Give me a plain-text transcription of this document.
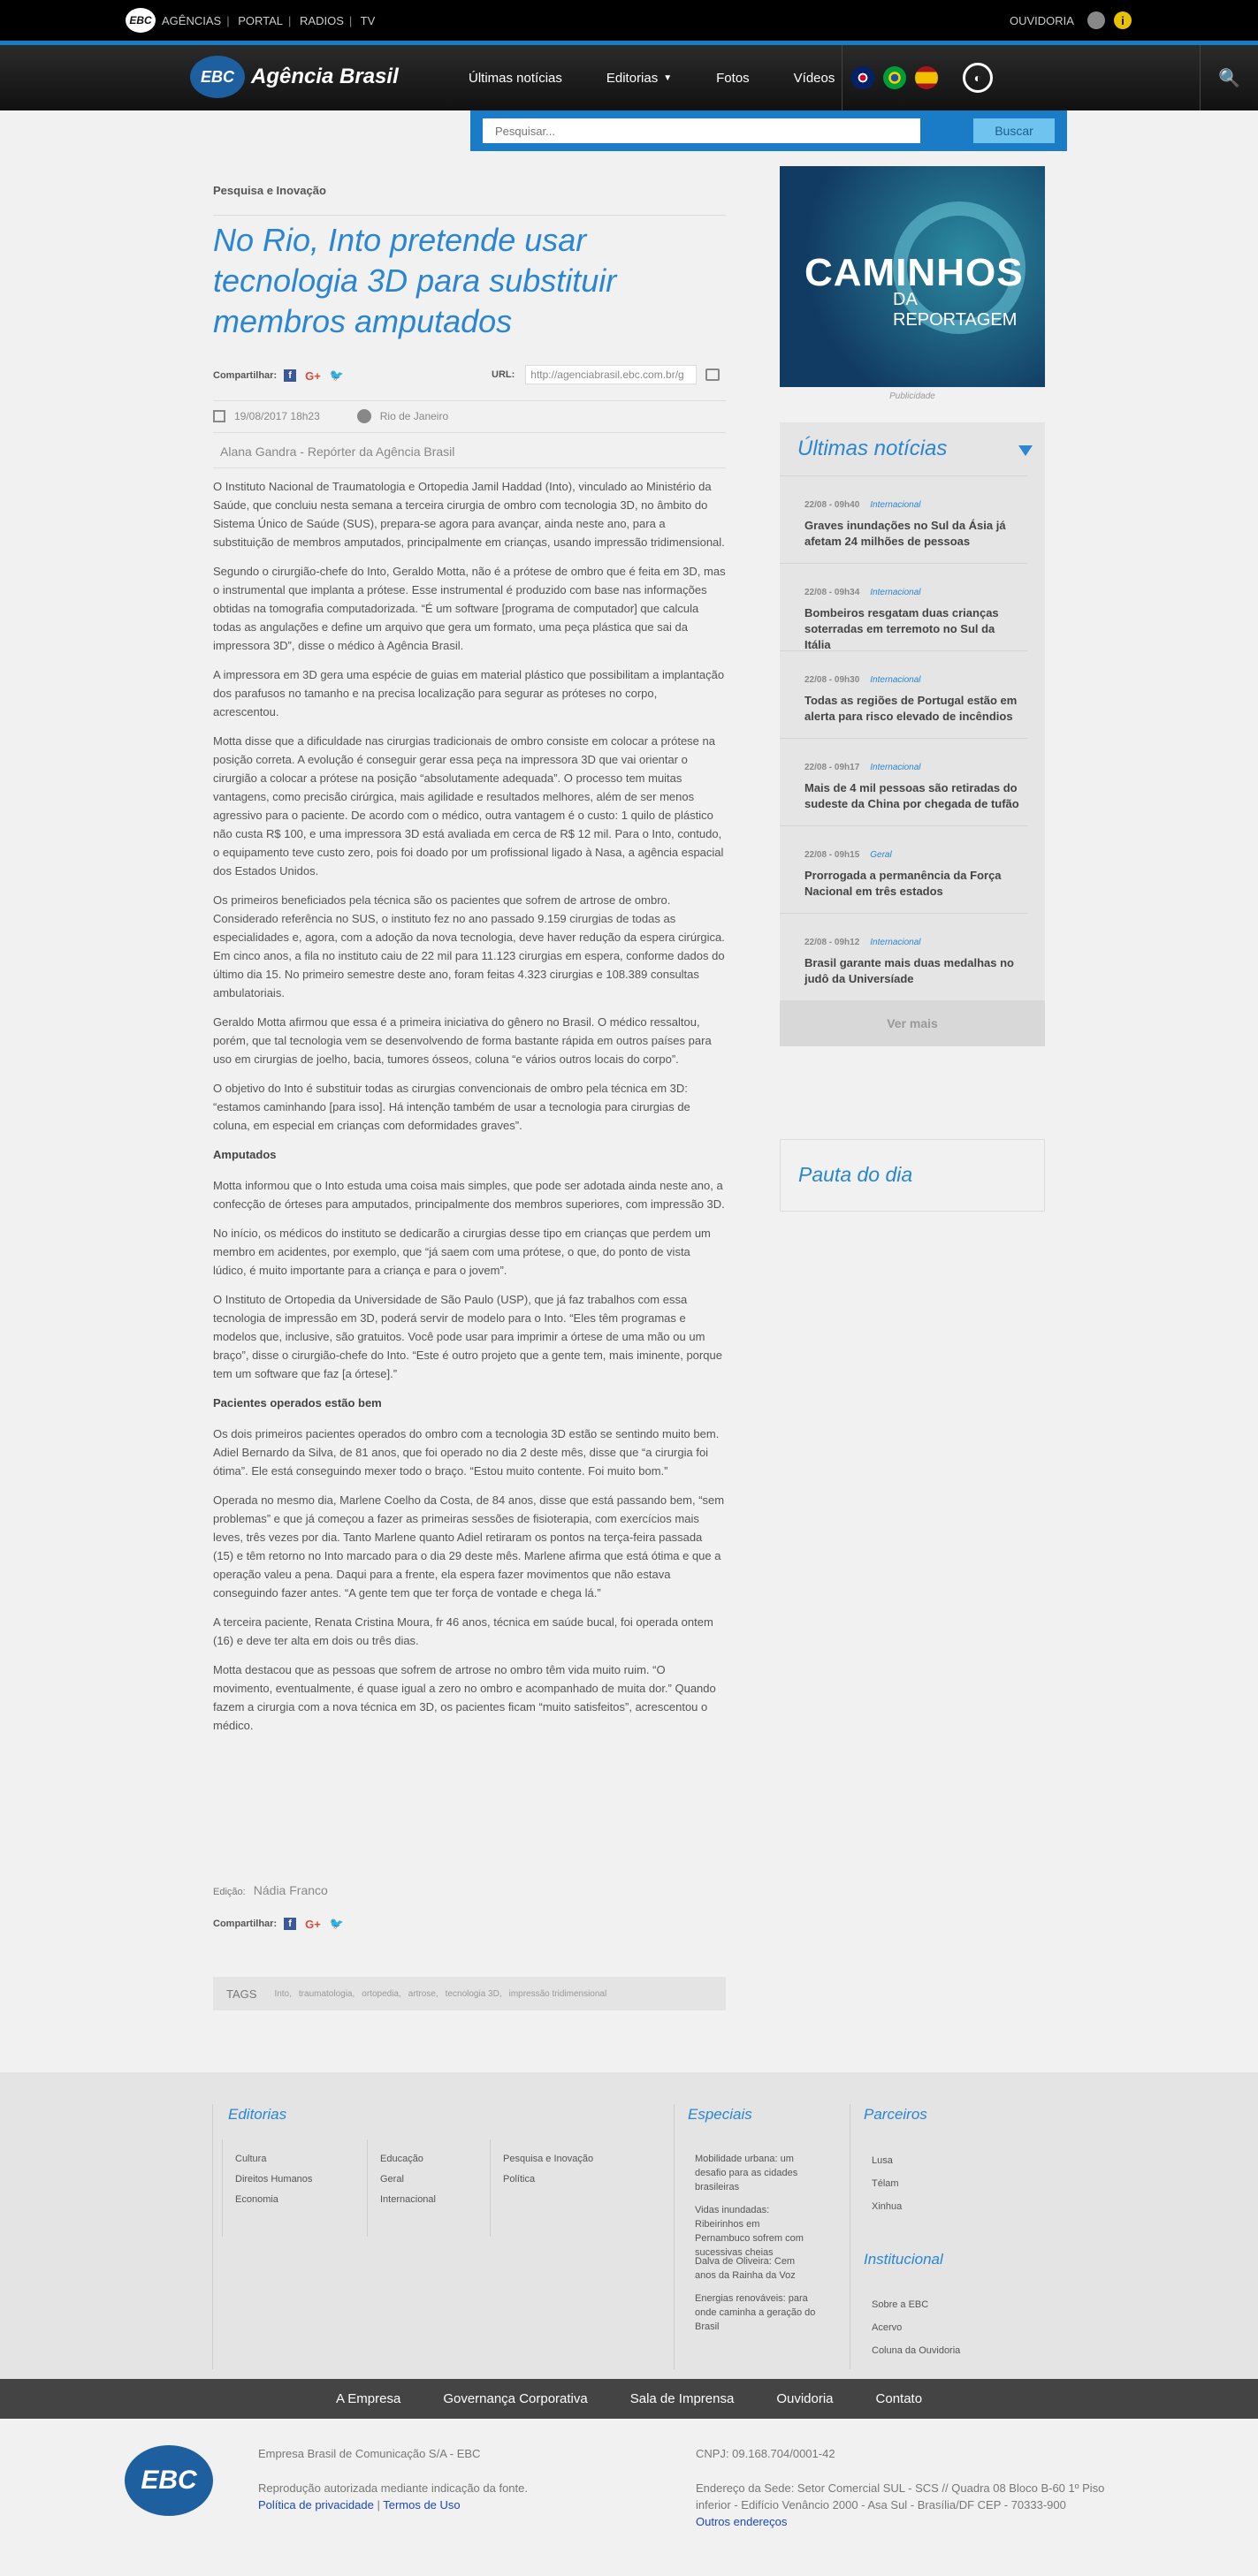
EBC AGÊNCIAS | PORTAL | RADIOS | TV	OUVIDORIA	i
EBC Agência Brasil	Últimas notícias	Editorias ▼	Fotos	Vídeos	◐	🔍
Pesquisar...
Buscar
Pesquisa e Inovação
No Rio, Into pretende usar tecnologia 3D para substituir membros amputados
Compartilhar:	f	G+ 🐦	URL:
http://agenciabrasil.ebc.com.br/g
19/08/2017 18h23	Rio de Janeiro
Alana Gandra - Repórter da Agência Brasil

O Instituto Nacional de Traumatologia e Ortopedia Jamil Haddad (Into), vinculado ao Ministério da Saúde, que concluiu nesta semana a terceira cirurgia de ombro com tecnologia 3D, no âmbito do Sistema Único de Saúde (SUS), prepara-se agora para avançar, ainda neste ano, para a substituição de membros amputados, principalmente em crianças, usando impressão tridimensional.

Segundo o cirurgião-chefe do Into, Geraldo Motta, não é a prótese de ombro que é feita em 3D, mas o instrumental que implanta a prótese. Esse instrumental é produzido com base nas informações obtidas na tomografia computadorizada. “É um software [programa de computador] que calcula todas as angulações e define um arquivo que gera um formato, uma peça plástica que sai da impressora 3D”, disse o médico à Agência Brasil.

A impressora em 3D gera uma espécie de guias em material plástico que possibilitam a implantação dos parafusos no tamanho e na precisa localização para segurar as próteses no corpo, acrescentou.

Motta disse que a dificuldade nas cirurgias tradicionais de ombro consiste em colocar a prótese na posição correta. A evolução é conseguir gerar essa peça na impressora 3D que vai orientar o cirurgião a colocar a prótese na posição “absolutamente adequada”. O processo tem muitas vantagens, como precisão cirúrgica, mais agilidade e resultados melhores, além de ser menos agressivo para o paciente. De acordo com o médico, outra vantagem é o custo: 1 quilo de plástico não custa R$ 100, e uma impressora 3D está avaliada em cerca de R$ 12 mil. Para o Into, contudo, o equipamento teve custo zero, pois foi doado por um profissional ligado à Nasa, a agência espacial dos Estados Unidos.

Os primeiros beneficiados pela técnica são os pacientes que sofrem de artrose de ombro. Considerado referência no SUS, o instituto fez no ano passado 9.159 cirurgias de todas as especialidades e, agora, com a adoção da nova tecnologia, deve haver redução da espera cirúrgica. Em cinco anos, a fila no instituto caiu de 22 mil para 11.123 cirurgias em espera, conforme dados do último dia 15. No primeiro semestre deste ano, foram feitas 4.323 cirurgias e 108.389 consultas ambulatoriais.

Geraldo Motta afirmou que essa é a primeira iniciativa do gênero no Brasil. O médico ressaltou, porém, que tal tecnologia vem se desenvolvendo de forma bastante rápida em outros países para uso em cirurgias de joelho, bacia, tumores ósseos, coluna “e vários outros locais do corpo”.

O objetivo do Into é substituir todas as cirurgias convencionais de ombro pela técnica em 3D: “estamos caminhando [para isso]. Há intenção também de usar a tecnologia para cirurgias de coluna, em especial em crianças com deformidades graves”.

Amputados

Motta informou que o Into estuda uma coisa mais simples, que pode ser adotada ainda neste ano, a confecção de órteses para amputados, principalmente dos membros superiores, com impressão 3D.

No início, os médicos do instituto se dedicarão a cirurgias desse tipo em crianças que perdem um membro em acidentes, por exemplo, que “já saem com uma prótese, o que, do ponto de vista lúdico, é muito importante para a criança e para o jovem”.

O Instituto de Ortopedia da Universidade de São Paulo (USP), que já faz trabalhos com essa tecnologia de impressão em 3D, poderá servir de modelo para o Into. “Eles têm programas e modelos que, inclusive, são gratuitos. Você pode usar para imprimir a órtese de uma mão ou um braço”, disse o cirurgião-chefe do Into. “Este é outro projeto que a gente tem, mais iminente, porque tem um software que faz [a órtese].”

Pacientes operados estão bem

Os dois primeiros pacientes operados do ombro com a tecnologia 3D estão se sentindo muito bem. Adiel Bernardo da Silva, de 81 anos, que foi operado no dia 2 deste mês, disse que “a cirurgia foi ótima”. Ele está conseguindo mexer todo o braço. “Estou muito contente. Foi muito bom.”

Operada no mesmo dia, Marlene Coelho da Costa, de 84 anos, disse que está passando bem, “sem problemas” e que já começou a fazer as primeiras sessões de fisioterapia, com exercícios mais leves, três vezes por dia. Tanto Marlene quanto Adiel retiraram os pontos na terça-feira passada (15) e têm retorno no Into marcado para o dia 29 deste mês. Marlene afirma que está ótima e que a operação valeu a pena. Daqui para a frente, ela espera fazer movimentos que não estava conseguindo fazer antes. “A gente tem que ter força de vontade e chega lá.”

A terceira paciente, Renata Cristina Moura, fr 46 anos, técnica em saúde bucal, foi operada ontem (16) e deve ter alta em dois ou três dias.

Motta destacou que as pessoas que sofrem de artrose no ombro têm vida muito ruim. “O movimento, eventualmente, é quase igual a zero no ombro e acompanhado de muita dor.” Quando fazem a cirurgia com a nova técnica em 3D, os pacientes ficam “muito satisfeitos”, acrescentou o médico.

Edição: Nádia Franco
Compartilhar:	f	G+ 🐦
TAGS Into, traumatologia, ortopedia, artrose, tecnologia 3D, impressão tridimensional
CAMINHOS
DA REPORTAGEM
Publicidade
Últimas notícias
22/08 - 09h40 Internacional
Graves inundações no Sul da Ásia já afetam 24 milhões de pessoas
22/08 - 09h34 Internacional
Bombeiros resgatam duas crianças soterradas em terremoto no Sul da Itália
22/08 - 09h30 Internacional
Todas as regiões de Portugal estão em alerta para risco elevado de incêndios
22/08 - 09h17 Internacional
Mais de 4 mil pessoas são retiradas do sudeste da China por chegada de tufão
22/08 - 09h15 Geral
Prorrogada a permanência da Força Nacional em três estados
22/08 - 09h12 Internacional
Brasil garante mais duas medalhas no judô da Universíade
Ver mais
Pauta do dia
Editorias
Cultura
Direitos Humanos
Economia
Educação
Geral
Internacional
Pesquisa e Inovação
Política
Especiais
Mobilidade urbana: um desafio para as cidades brasileiras
Vidas inundadas: Ribeirinhos em Pernambuco sofrem com sucessivas cheias
Dalva de Oliveira: Cem anos da Rainha da Voz
Energias renováveis: para onde caminha a geração do Brasil
Parceiros
Lusa
Télam
Xinhua
Institucional
Sobre a EBC
Acervo
Coluna da Ouvidoria
A Empresa	Governança Corporativa	Sala de Imprensa	Ouvidoria	Contato
EBC
Empresa Brasil de Comunicação S/A - EBC
Reprodução autorizada mediante indicação da fonte.
Política de privacidade | Termos de Uso
CNPJ: 09.168.704/0001-42
Endereço da Sede: Setor Comercial SUL - SCS // Quadra 08 Bloco B-60 1º Piso inferior - Edifício Venâncio 2000 - Asa Sul - Brasília/DF CEP - 70333-900
Outros endereços
